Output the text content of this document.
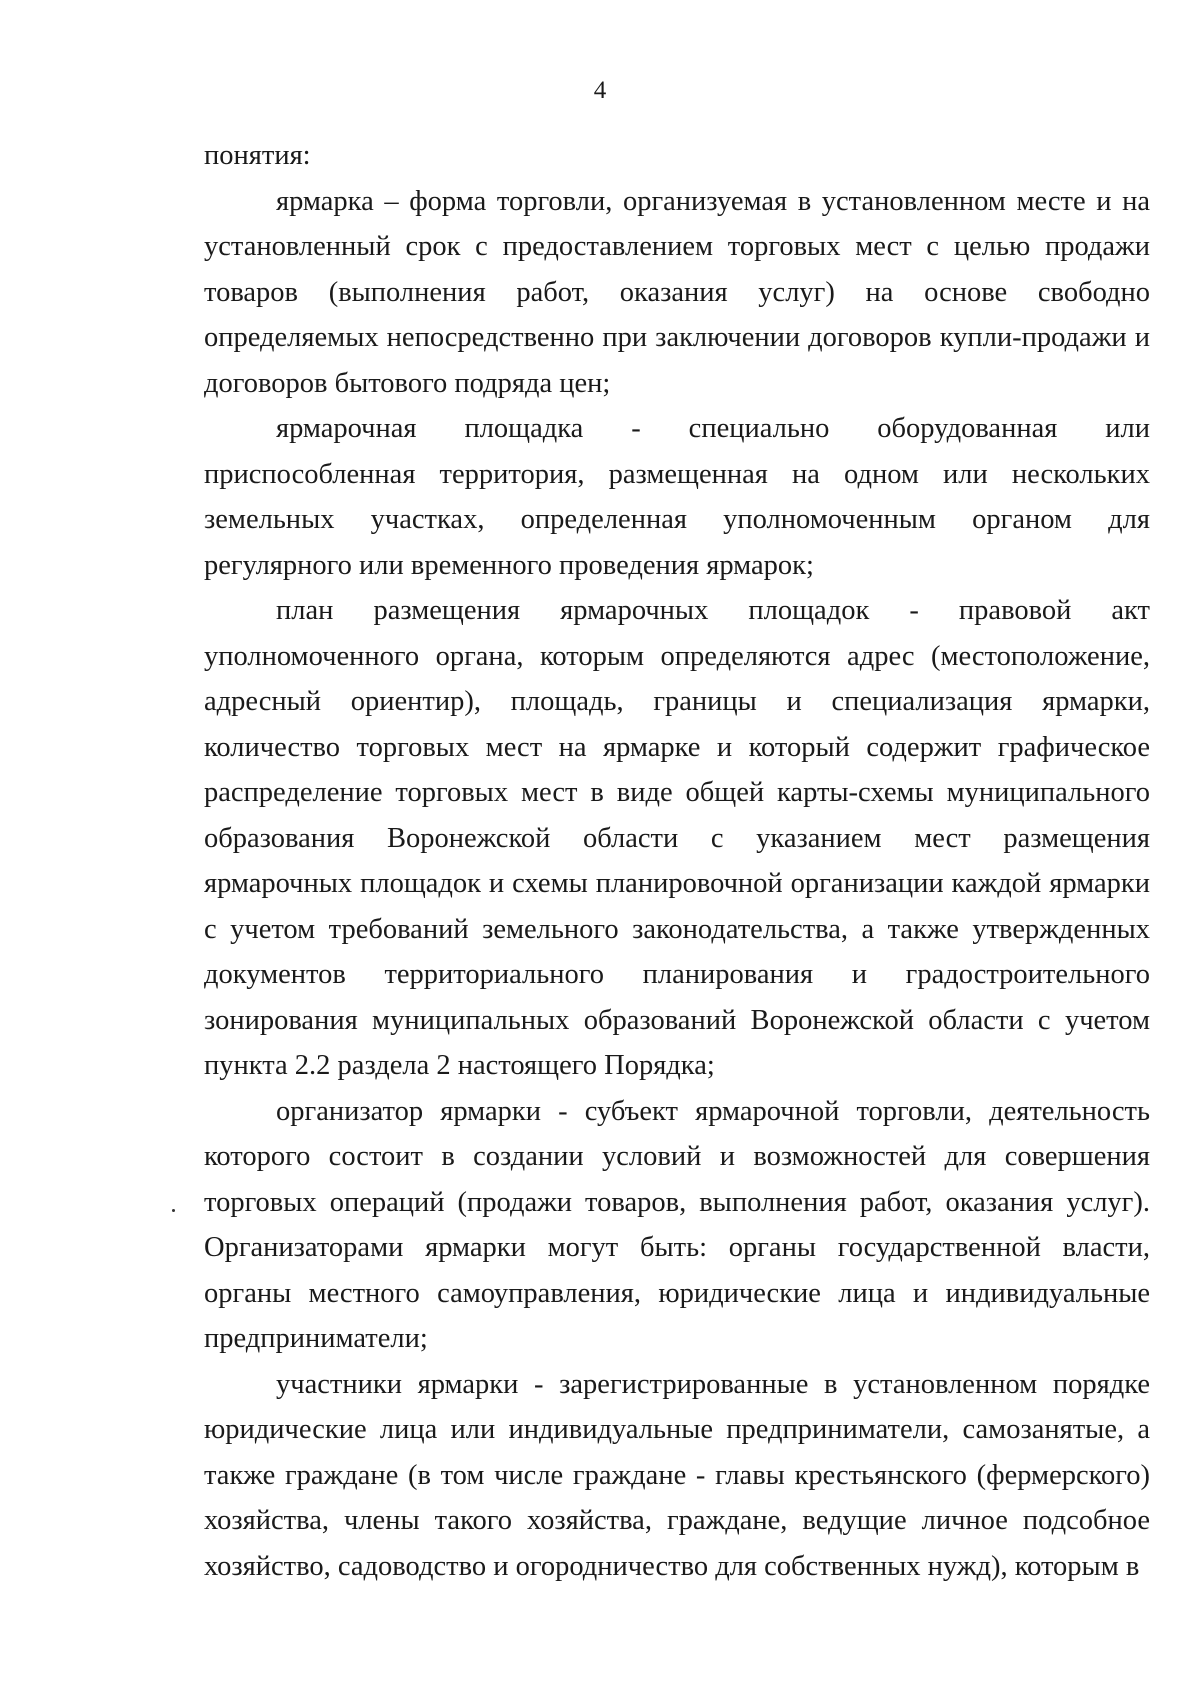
4

понятия:

ярмарка – форма торговли, организуемая в установленном месте и на установленный срок с предоставлением торговых мест с целью продажи товаров (выполнения работ, оказания услуг) на основе свободно определяемых непосредственно при заключении договоров купли-продажи и договоров бытового подряда цен;

ярмарочная площадка - специально оборудованная или приспособленная территория, размещенная на одном или нескольких земельных участках, определенная уполномоченным органом для регулярного или временного проведения ярмарок;

план размещения ярмарочных площадок - правовой акт уполномоченного органа, которым определяются адрес (местоположение, адресный ориентир), площадь, границы и специализация ярмарки, количество торговых мест на ярмарке и который содержит графическое распределение торговых мест в виде общей карты-схемы муниципального образования Воронежской области с указанием мест размещения ярмарочных площадок и схемы планировочной организации каждой ярмарки с учетом требований земельного законодательства, а также утвержденных документов территориального планирования и градостроительного зонирования муниципальных образований Воронежской области с учетом пункта 2.2 раздела 2 настоящего Порядка;

организатор ярмарки - субъект ярмарочной торговли, деятельность которого состоит в создании условий и возможностей для совершения торговых операций (продажи товаров, выполнения работ, оказания услуг). Организаторами ярмарки могут быть: органы государственной власти, органы местного самоуправления, юридические лица и индивидуальные предприниматели;

участники ярмарки - зарегистрированные в установленном порядке юридические лица или индивидуальные предприниматели, самозанятые, а также граждане (в том числе граждане - главы крестьянского (фермерского) хозяйства, члены такого хозяйства, граждане, ведущие личное подсобное хозяйство, садоводство и огородничество для собственных нужд), которым в
